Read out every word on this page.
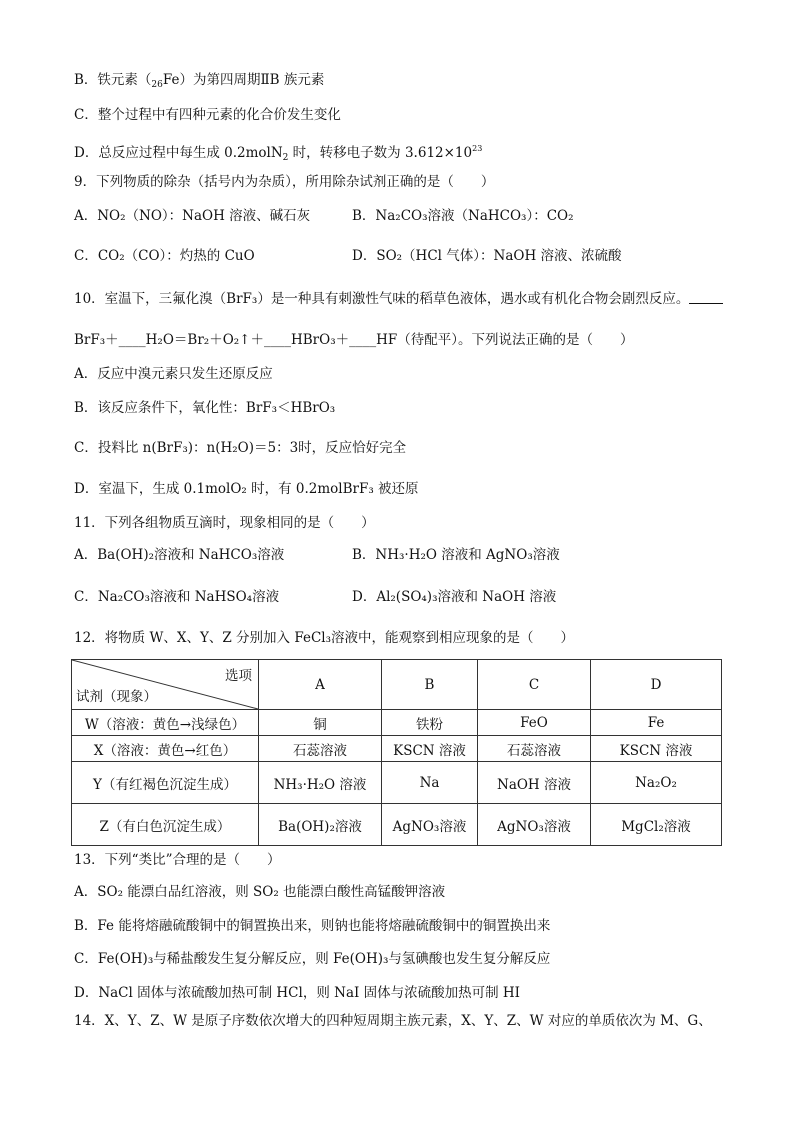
B．铁元素$(_{26}Fe)$为第四周期ⅡB 族元素
C．整个过程中有四种元素的化合价发生变化
D．总反应过程中每生成 0.2molN$_2$ 时，转移电子数为 $3.612\times 10^{23}$
9．下列物质的除杂（括号内为杂质），所用除杂试剂正确的是（　　）
A．NO₂（NO）：NaOH 溶液、碱石灰	B．Na₂CO₃溶液（NaHCO₃）：CO₂
C．CO₂（CO）：灼热的 CuO	D．SO₂（HCl 气体）：NaOH 溶液、浓硫酸
10．室温下，三氟化溴（BrF₃）是一种具有刺激性气味的稻草色液体，遇水或有机化合物会剧烈反应。
BrF₃＋____H₂O＝Br₂＋O₂↑＋____HBrO₃＋____HF（待配平）。下列说法正确的是（　　）
A．反应中溴元素只发生还原反应
B．该反应条件下，氧化性：BrF₃＜HBrO₃
C．投料比 n(BrF₃)：n(H₂O)＝5：3时，反应恰好完全
D．室温下，生成 0.1molO₂ 时，有 0.2molBrF₃ 被还原
11．下列各组物质互滴时，现象相同的是（　　）
A．Ba(OH)₂溶液和 NaHCO₃溶液	B．NH₃·H₂O 溶液和 AgNO₃溶液
C．Na₂CO₃溶液和 NaHSO₄溶液	D．Al₂(SO₄)₃溶液和 NaOH 溶液
12．将物质 W、X、Y、Z 分别加入 FeCl₃溶液中，能观察到相应现象的是（　　）
选项
试剂（现象）	A	B	C	D
W（溶液：黄色→浅绿色）	铜	铁粉	FeO	Fe
X（溶液：黄色→红色）	石蕊溶液	KSCN 溶液	石蕊溶液	KSCN 溶液
Y（有红褐色沉淀生成）	NH₃·H₂O 溶液	Na	NaOH 溶液	Na₂O₂
Z（有白色沉淀生成）	Ba(OH)₂溶液	AgNO₃溶液	AgNO₃溶液	MgCl₂溶液
13．下列“类比”合理的是（　　）
A．SO₂ 能漂白品红溶液，则 SO₂ 也能漂白酸性高锰酸钾溶液
B．Fe 能将熔融硫酸铜中的铜置换出来，则钠也能将熔融硫酸铜中的铜置换出来
C．Fe(OH)₃与稀盐酸发生复分解反应，则 Fe(OH)₃与氢碘酸也发生复分解反应
D．NaCl 固体与浓硫酸加热可制 HCl，则 NaI 固体与浓硫酸加热可制 HI
14．X、Y、Z、W 是原子序数依次增大的四种短周期主族元素，X、Y、Z、W 对应的单质依次为 M、G、
